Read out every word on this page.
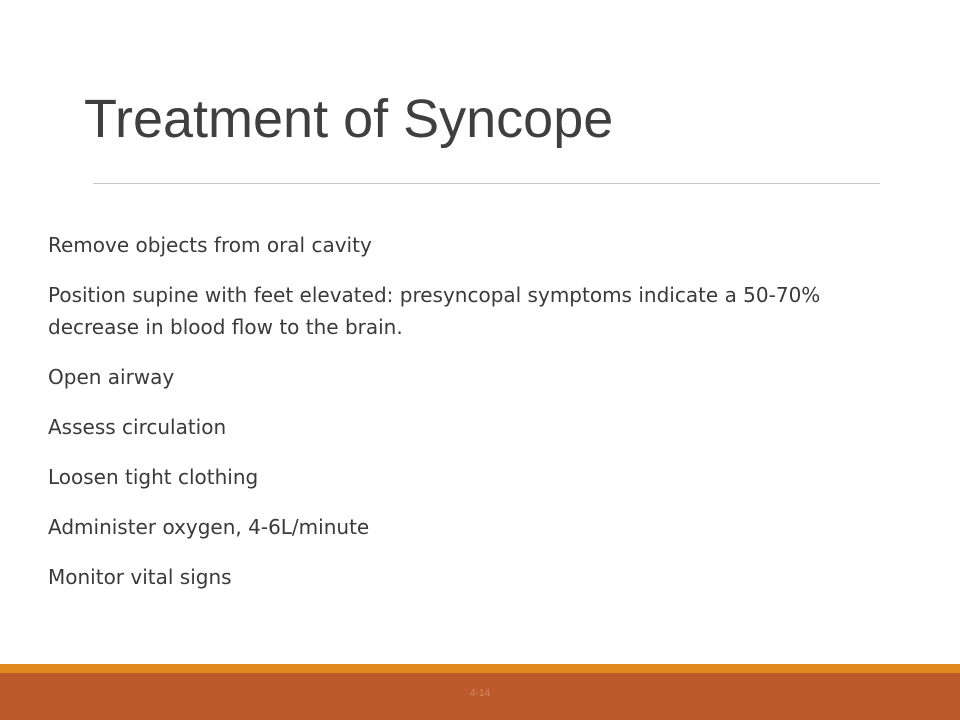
Treatment of Syncope
Remove objects from oral cavity
Position supine with feet elevated: presyncopal symptoms indicate a 50-70% decrease in blood flow to the brain.
Open airway
Assess circulation
Loosen tight clothing
Administer oxygen, 4-6L/minute
Monitor vital signs
4-14
